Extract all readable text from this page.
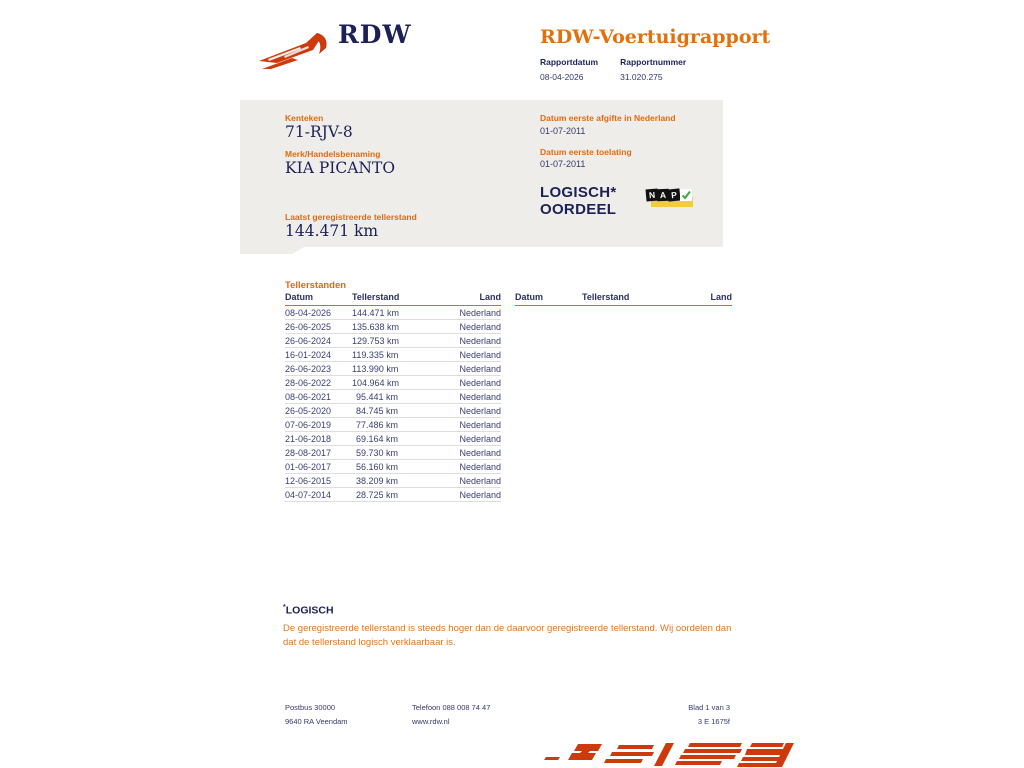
RDW	RDW-Voertuigrapport
Rapportdatum
08-04-2026
Rapportnummer
31.020.275
Kenteken
71-RJV-8
Merk/Handelsbenaming
KIA PICANTO
Laatst geregistreerde tellerstand
144.471 km
Datum eerste afgifte in Nederland
01-07-2011
Datum eerste toelating
01-07-2011
LOGISCH*
OORDEEL
N A P
Tellerstanden
Datum	Tellerstand	Land
08-04-2026	144.471 km	Nederland
26-06-2025	135.638 km	Nederland
26-06-2024	129.753 km	Nederland
16-01-2024	119.335 km	Nederland
26-06-2023	113.990 km	Nederland
28-06-2022	104.964 km	Nederland
08-06-2021	95.441 km	Nederland
26-05-2020	84.745 km	Nederland
07-06-2019	77.486 km	Nederland
21-06-2018	69.164 km	Nederland
28-08-2017	59.730 km	Nederland
01-06-2017	56.160 km	Nederland
12-06-2015	38.209 km	Nederland
04-07-2014	28.725 km	Nederland
Datum	Tellerstand	Land
*LOGISCH
De geregistreerde tellerstand is steeds hoger dan de daarvoor geregistreerde tellerstand. Wij oordelen dan dat de tellerstand logisch verklaarbaar is.
Postbus 30000
9640 RA Veendam
Telefoon 088 008 74 47
www.rdw.nl
Blad 1 van 3
3 E 1675f
